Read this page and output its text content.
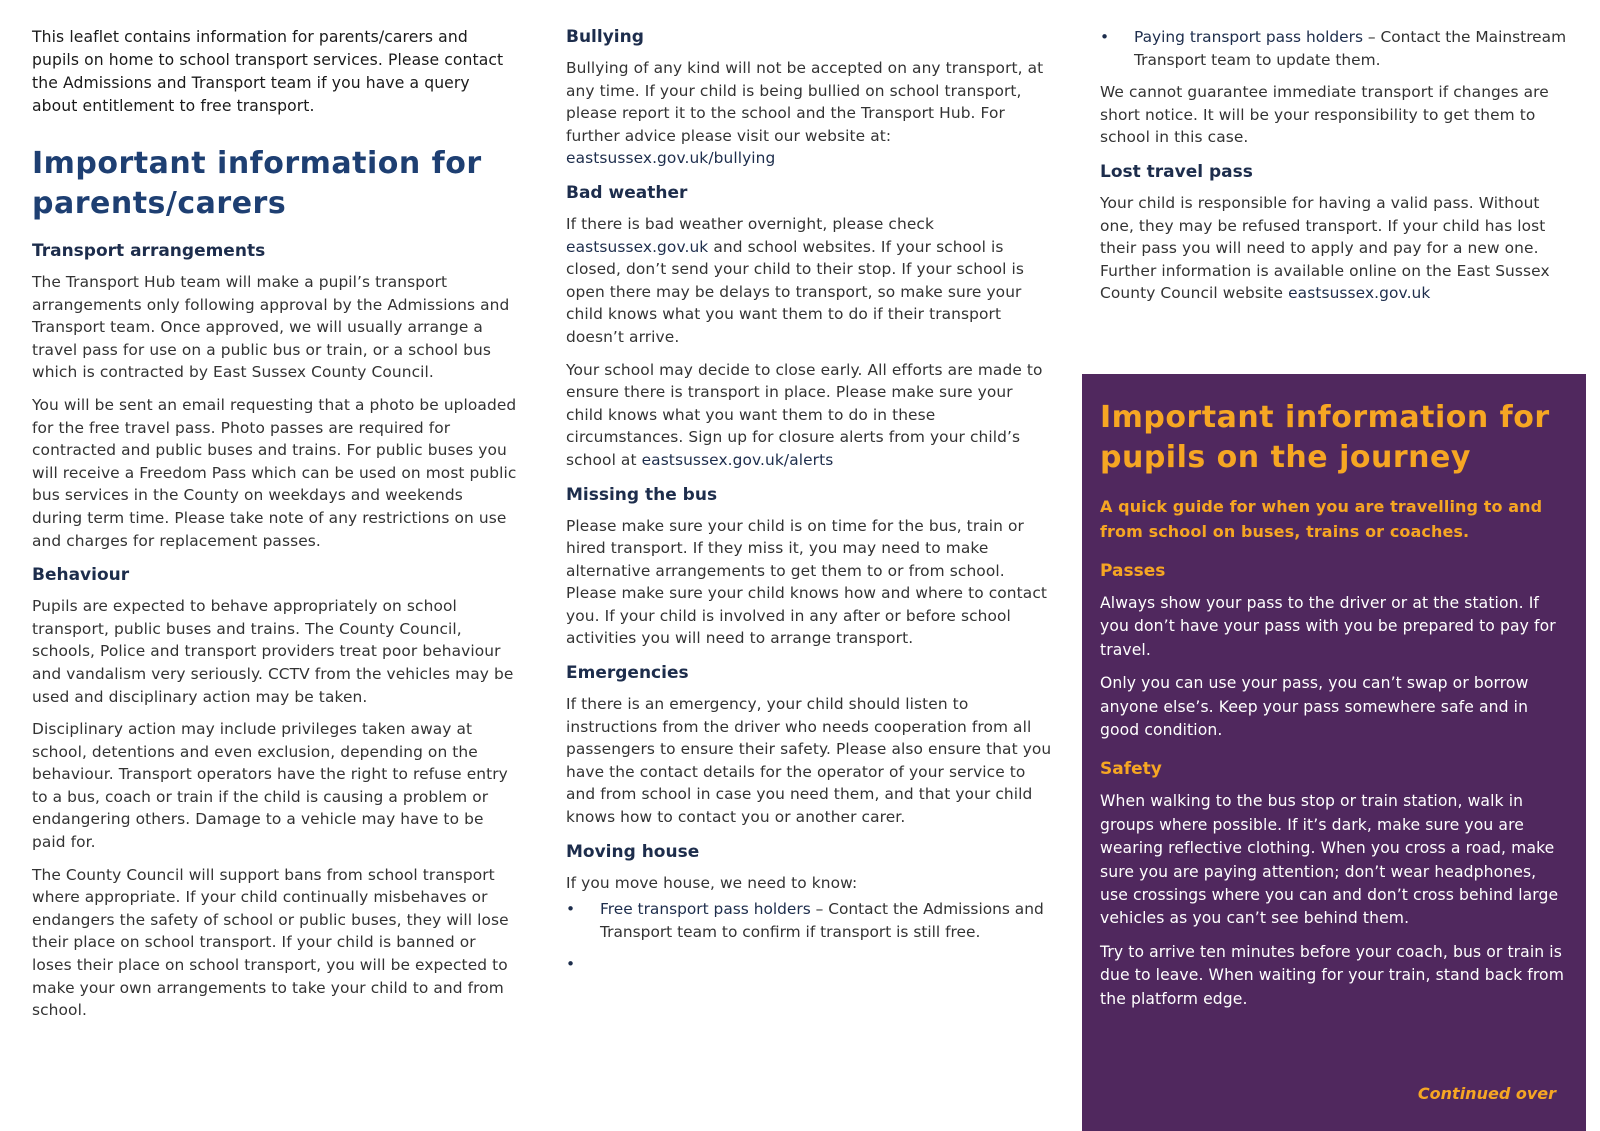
This leaflet contains information for parents/carers and pupils on home to school transport services. Please contact the Admissions and Transport team if you have a query about entitlement to free transport.

Important information for parents/carers
Transport arrangements

The Transport Hub team will make a pupil’s transport arrangements only following approval by the Admissions and Transport team. Once approved, we will usually arrange a travel pass for use on a public bus or train, or a school bus which is contracted by East Sussex County Council.

You will be sent an email requesting that a photo be uploaded for the free travel pass. Photo passes are required for contracted and public buses and trains. For public buses you will receive a Freedom Pass which can be used on most public bus services in the County on weekdays and weekends during term time. Please take note of any restrictions on use and charges for replacement passes.

Behaviour

Pupils are expected to behave appropriately on school transport, public buses and trains. The County Council, schools, Police and transport providers treat poor behaviour and vandalism very seriously. CCTV from the vehicles may be used and disciplinary action may be taken.

Disciplinary action may include privileges taken away at school, detentions and even exclusion, depending on the behaviour. Transport operators have the right to refuse entry to a bus, coach or train if the child is causing a problem or endangering others. Damage to a vehicle may have to be paid for.

The County Council will support bans from school transport where appropriate. If your child continually misbehaves or endangers the safety of school or public buses, they will lose their place on school transport. If your child is banned or loses their place on school transport, you will be expected to make your own arrangements to take your child to and from school.

Bullying

Bullying of any kind will not be accepted on any transport, at any time. If your child is being bullied on school transport, please report it to the school and the Transport Hub. For further advice please visit our website at: eastsussex.gov.uk/bullying

Bad weather

If there is bad weather overnight, please check eastsussex.gov.uk and school websites. If your school is closed, don’t send your child to their stop. If your school is open there may be delays to transport, so make sure your child knows what you want them to do if their transport doesn’t arrive.

Your school may decide to close early. All efforts are made to ensure there is transport in place. Please make sure your child knows what you want them to do in these circumstances. Sign up for closure alerts from your child’s school at eastsussex.gov.uk/alerts

Missing the bus

Please make sure your child is on time for the bus, train or hired transport. If they miss it, you may need to make alternative arrangements to get them to or from school. Please make sure your child knows how and where to contact you. If your child is involved in any after or before school activities you will need to arrange transport.

Emergencies

If there is an emergency, your child should listen to instructions from the driver who needs cooperation from all passengers to ensure their safety. Please also ensure that you have the contact details for the operator of your service to and from school in case you need them, and that your child knows how to contact you or another carer.

Moving house

If you move house, we need to know:

• Free transport pass holders – Contact the Admissions and Transport team to confirm if transport is still free.
•
• Paying transport pass holders – Contact the Mainstream Transport team to update them.

We cannot guarantee immediate transport if changes are short notice. It will be your responsibility to get them to school in this case.

Lost travel pass

Your child is responsible for having a valid pass. Without one, they may be refused transport. If your child has lost their pass you will need to apply and pay for a new one. Further information is available online on the East Sussex County Council website eastsussex.gov.uk

Important information for pupils on the journey

A quick guide for when you are travelling to and from school on buses, trains or coaches.

Passes

Always show your pass to the driver or at the station. If you don’t have your pass with you be prepared to pay for travel.

Only you can use your pass, you can’t swap or borrow anyone else’s. Keep your pass somewhere safe and in good condition.

Safety

When walking to the bus stop or train station, walk in groups where possible. If it’s dark, make sure you are wearing reflective clothing. When you cross a road, make sure you are paying attention; don’t wear headphones, use crossings where you can and don’t cross behind large vehicles as you can’t see behind them.

Try to arrive ten minutes before your coach, bus or train is due to leave. When waiting for your train, stand back from the platform edge.

Continued over
